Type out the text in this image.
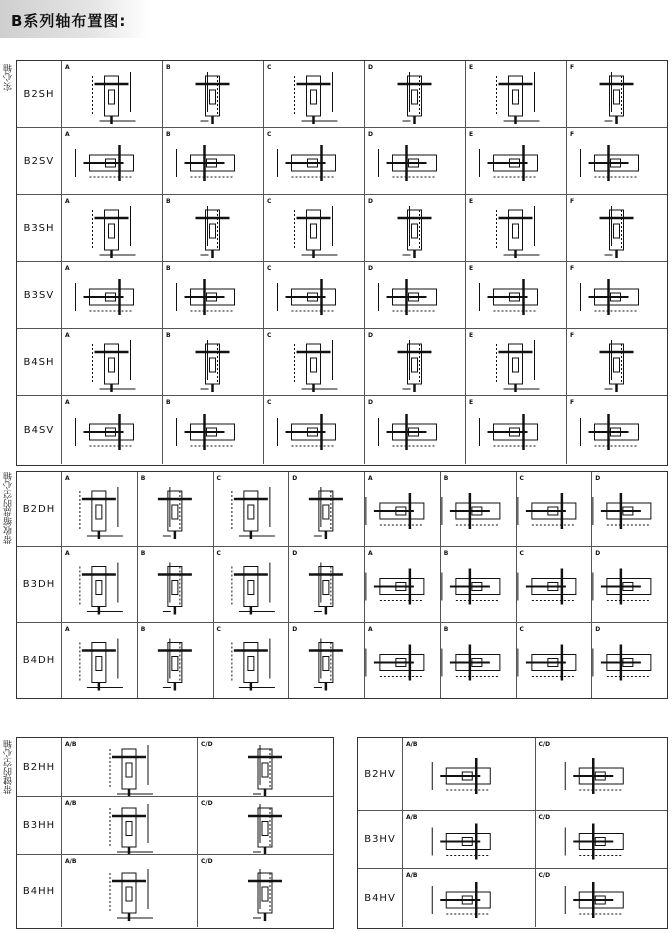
B系列轴布置图:
实心轴
B2SH
A	B	C	D	E	F
B2SV
A	B	C	D	E	F
B3SH
A	B	C	D	E	F
B3SV
A	B	C	D	E	F
B4SH
A	B	C	D	E	F
B4SV
A	B	C	D	E	F
带收缩盘的空心轴 B2DH
A	B	C	D	A	B	C	D
B3DH
A	B	C	D	A	B	C	D
B4DH
A	B	C	D	A	B	C	D
带键的空心轴 B2HH
A/B	C/D
B3HH
A/B	C/D
B4HH
A/B	C/D
B2HV
A/B	C/D
B3HV
A/B	C/D
B4HV
A/B	C/D
